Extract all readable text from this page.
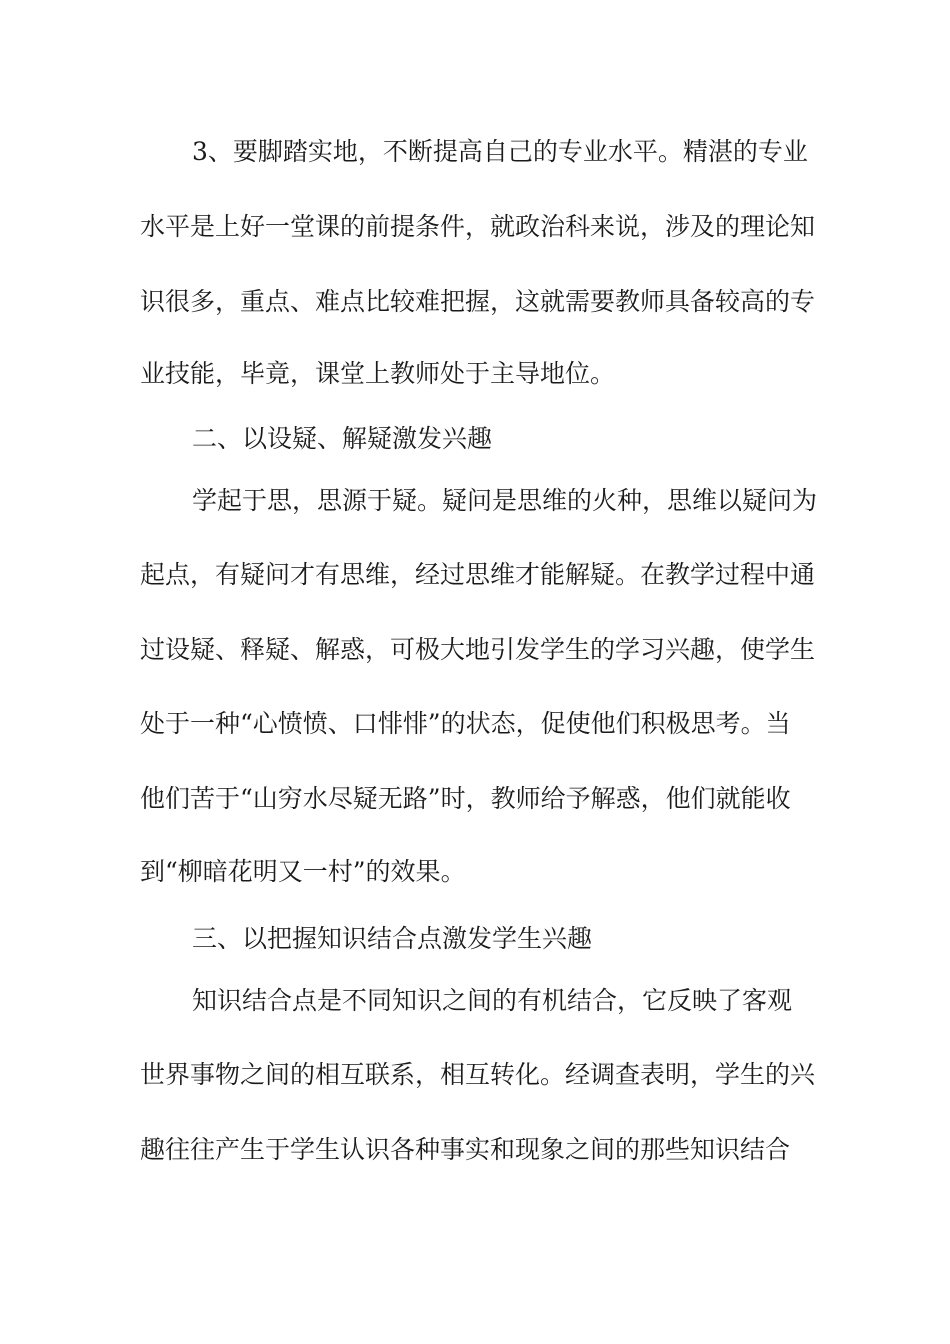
3、要脚踏实地，不断提高自己的专业水平。精湛的专业
水平是上好一堂课的前提条件，就政治科来说，涉及的理论知
识很多，重点、难点比较难把握，这就需要教师具备较高的专
业技能，毕竟，课堂上教师处于主导地位。
二、以设疑、解疑激发兴趣
学起于思，思源于疑。疑问是思维的火种，思维以疑问为
起点，有疑问才有思维，经过思维才能解疑。在教学过程中通
过设疑、释疑、解惑，可极大地引发学生的学习兴趣，使学生
处于一种“心愤愤、口悱悱”的状态，促使他们积极思考。当
他们苦于“山穷水尽疑无路”时，教师给予解惑，他们就能收
到“柳暗花明又一村”的效果。
三、以把握知识结合点激发学生兴趣
知识结合点是不同知识之间的有机结合，它反映了客观
世界事物之间的相互联系，相互转化。经调查表明，学生的兴
趣往往产生于学生认识各种事实和现象之间的那些知识结合
